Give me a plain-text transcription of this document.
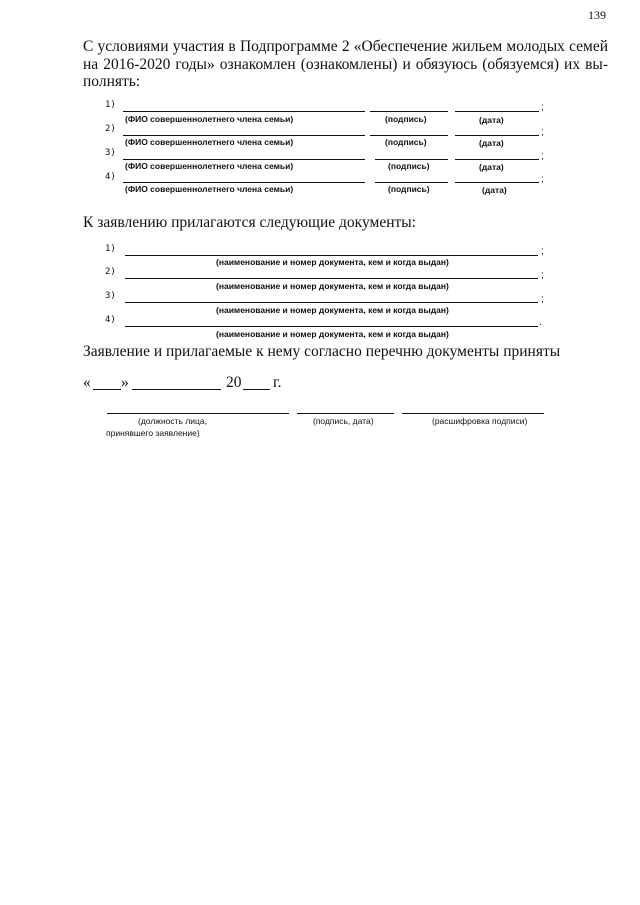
139
С условиями участия в Подпрограмме 2 «Обеспечение жильем молодых семей
на 2016-2020 годы» ознакомлен (ознакомлены) и обязуюсь (обязуемся) их вы-
полнять:
1)	;
(ФИО совершеннолетнего члена семьи)	(подпись)	(дата)
2)	;
(ФИО совершеннолетнего члена семьи)	(подпись)	(дата)
3)	;
(ФИО совершеннолетнего члена семьи)	(подпись)	(дата)
4)	;
(ФИО совершеннолетнего члена семьи)	(подпись)	(дата)
К заявлению прилагаются следующие документы:
1)	;
(наименование и номер документа, кем и когда выдан)
2)	;
(наименование и номер документа, кем и когда выдан)
3)	;
(наименование и номер документа, кем и когда выдан)
4)	.
(наименование и номер документа, кем и когда выдан)
Заявление и прилагаемые к нему согласно перечню документы приняты
« »	20 г.
(должность лица,
принявшего заявление)
(подпись, дата)	(расшифровка подписи)
